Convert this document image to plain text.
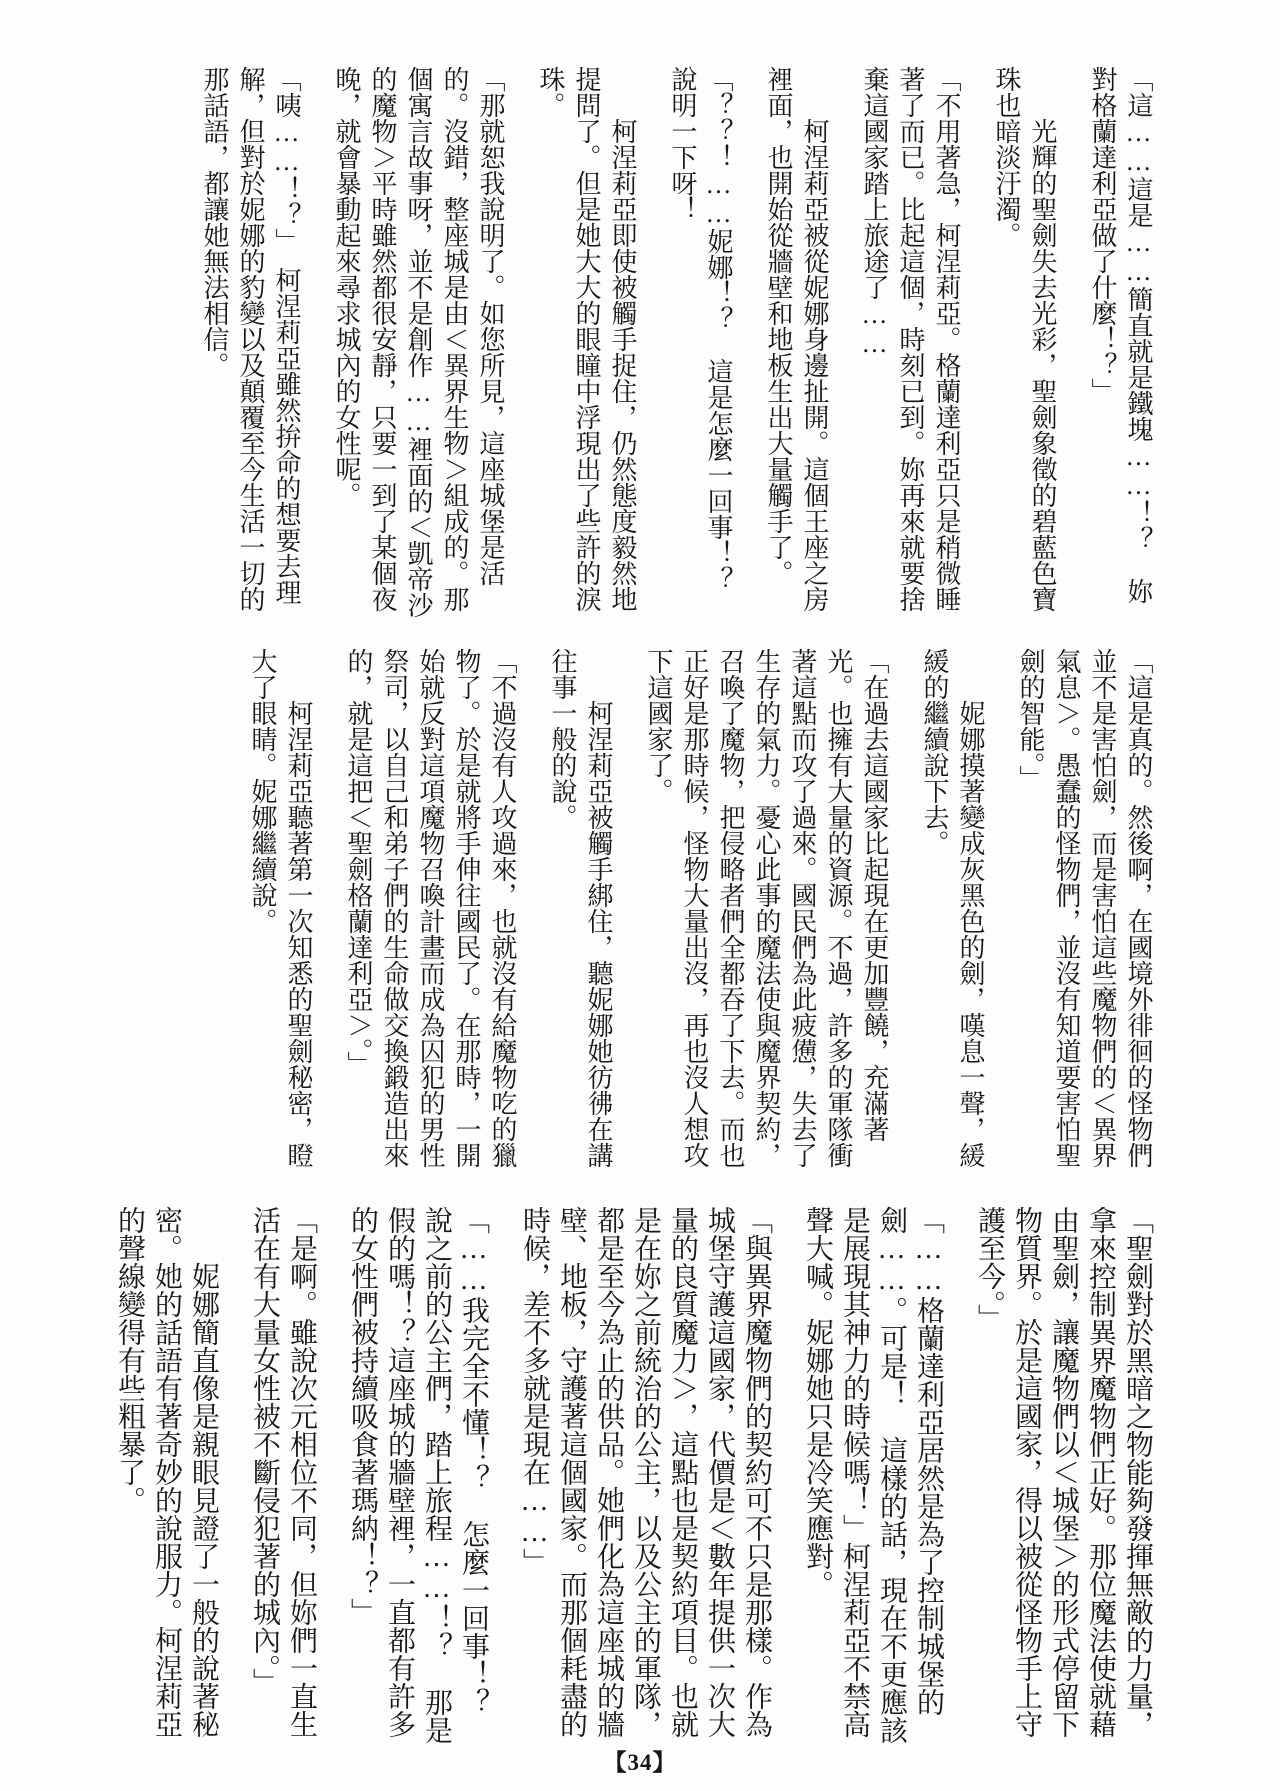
「這……這是……簡直就是鐵塊……！？　妳對格蘭達利亞做了什麼！？」

光輝的聖劍失去光彩，聖劍象徵的碧藍色寶珠也暗淡汙濁。

「不用著急，柯涅莉亞。格蘭達利亞只是稍微睡著了而已。比起這個，時刻已到。妳再來就要捨棄這國家踏上旅途了……

柯涅莉亞被從妮娜身邊扯開。這個王座之房裡面，也開始從牆壁和地板生出大量觸手了。

「？？！……妮娜！？　這是怎麼一回事！？　說明一下呀！

柯涅莉亞即使被觸手捉住，仍然態度毅然地提問了。但是她大大的眼瞳中浮現出了些許的淚珠。

「那就恕我說明了。如您所見，這座城堡是活的。沒錯，整座城是由＜異界生物＞組成的。那個寓言故事呀，並不是創作……裡面的＜凱帝沙的魔物＞平時雖然都很安靜，只要一到了某個夜晚，就會暴動起來尋求城內的女性呢。

「咦……！？」　柯涅莉亞雖然拚命的想要去理解，但對於妮娜的豹變以及顛覆至今生活一切的那話語，都讓她無法相信。

「這是真的。然後啊，在國境外徘徊的怪物們並不是害怕劍，而是害怕這些魔物們的＜異界氣息＞。愚蠢的怪物們，並沒有知道要害怕聖劍的智能。」

妮娜摸著變成灰黑色的劍，嘆息一聲，緩緩的繼續說下去。

「在過去這國家比起現在更加豐饒，充滿著光。也擁有大量的資源。不過，許多的軍隊衝著這點而攻了過來。國民們為此疲憊，失去了生存的氣力。憂心此事的魔法使與魔界契約，召喚了魔物，把侵略者們全都吞了下去。而也正好是那時候，怪物大量出沒，再也沒人想攻下這國家了。

柯涅莉亞被觸手綁住，聽妮娜她彷彿在講往事一般的說。

「不過沒有人攻過來，也就沒有給魔物吃的獵物了。於是就將手伸往國民了。在那時，一開始就反對這項魔物召喚計畫而成為囚犯的男性祭司，以自己和弟子們的生命做交換鍛造出來的，就是這把＜聖劍格蘭達利亞＞。」

柯涅莉亞聽著第一次知悉的聖劍秘密，瞪大了眼睛。妮娜繼續說。

「聖劍對於黑暗之物能夠發揮無敵的力量，拿來控制異界魔物們正好。那位魔法使就藉由聖劍，讓魔物們以＜城堡＞的形式停留下物質界。於是這國家，得以被從怪物手上守護至今。」

「……格蘭達利亞居然是為了控制城堡的劍……。可是！　這樣的話，現在不更應該是展現其神力的時候嗎！」柯涅莉亞不禁高聲大喊。妮娜她只是冷笑應對。

「與異界魔物們的契約可不只是那樣。作為城堡守護這國家，代價是＜數年提供一次大量的良質魔力＞，這點也是契約項目。也就是在妳之前統治的公主，以及公主的軍隊，都是至今為止的供品。她們化為這座城的牆壁、地板，守護著這個國家。而那個耗盡的時候，差不多就是現在……」

「……我完全不懂！？　怎麼一回事！？　說之前的公主們，踏上旅程……！？　那是假的嗎！？這座城的牆壁裡，一直都有許多的女性們被持續吸食著瑪納！？」

「是啊。雖說次元相位不同，但妳們一直生活在有大量女性被不斷侵犯著的城內。」

妮娜簡直像是親眼見證了一般的說著秘密。她的話語有著奇妙的說服力。柯涅莉亞的聲線變得有些粗暴了。

【34】
